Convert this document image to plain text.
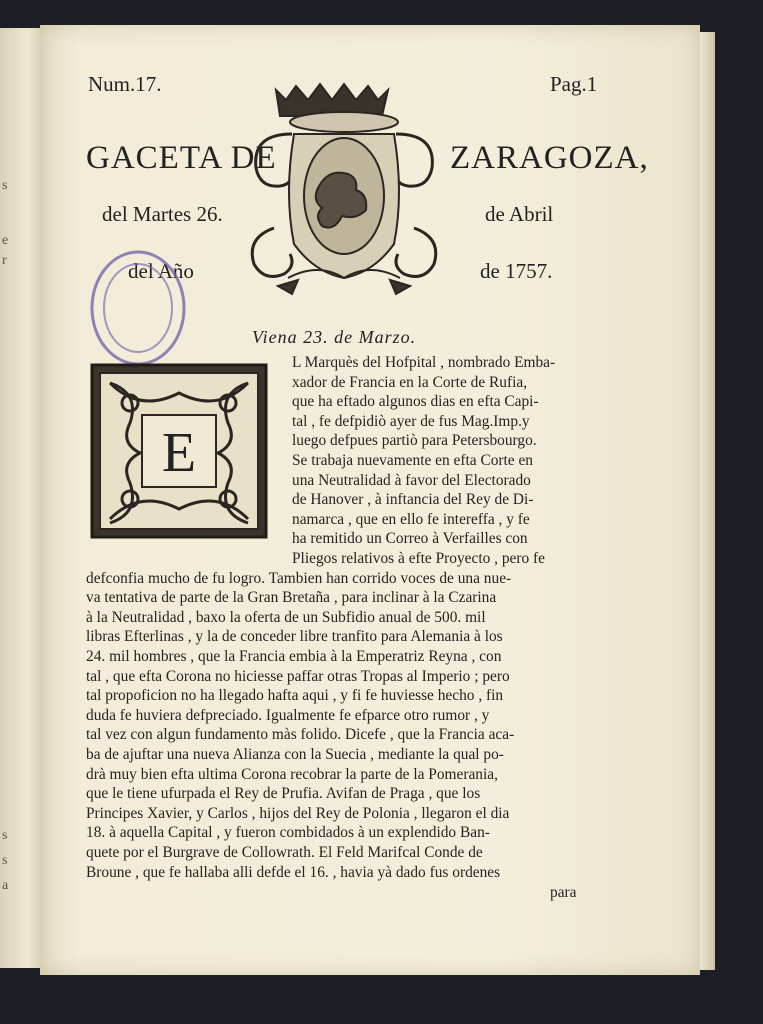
s
e
r
s
s
a
Num.17.	Pag.1
GACETA DE	ZARAGOZA,
del Martes 26.	de Abril
del Año	de 1757.
Viena 23. de Marzo.
E
L Marquès del Hofpital , nombrado Emba-
xador de Francia en la Corte de Rufia,
que ha eftado algunos dias en efta Capi-
tal , fe defpidiò ayer de fus Mag.Imp.y
luego defpues partiò para Petersbourgo.
Se trabaja nuevamente en efta Corte en
una Neutralidad à favor del Electorado
de Hanover , à inftancia del Rey de Di-
namarca , que en ello fe intereffa , y fe
ha remitido un Correo à Verfailles con
Pliegos relativos à efte Proyecto , pero fe
defconfia mucho de fu logro. Tambien han corrido voces de una nue-
va tentativa de parte de la Gran Bretaña , para inclinar à la Czarina
à la Neutralidad , baxo la oferta de un Subfidio anual de 500. mil
libras Efterlinas , y la de conceder libre tranfito para Alemania à los
24. mil hombres , que la Francia embia à la Emperatriz Reyna , con
tal , que efta Corona no hiciesse paffar otras Tropas al Imperio ; pero
tal propoficion no ha llegado hafta aqui , y fi fe huviesse hecho , fin
duda fe huviera defpreciado. Igualmente fe efparce otro rumor , y
tal vez con algun fundamento màs folido. Dicefe , que la Francia aca-
ba de ajuftar una nueva Alianza con la Suecia , mediante la qual po-
drà muy bien efta ultima Corona recobrar la parte de la Pomerania,
que le tiene ufurpada el Rey de Prufia. Avifan de Praga , que los
Principes Xavier, y Carlos , hijos del Rey de Polonia , llegaron el dia
18. à aquella Capital , y fueron combidados à un explendido Ban-
quete por el Burgrave de Collowrath. El Feld Marifcal Conde de
Broune , que fe hallaba alli defde el 16. , havia yà dado fus ordenes
para
